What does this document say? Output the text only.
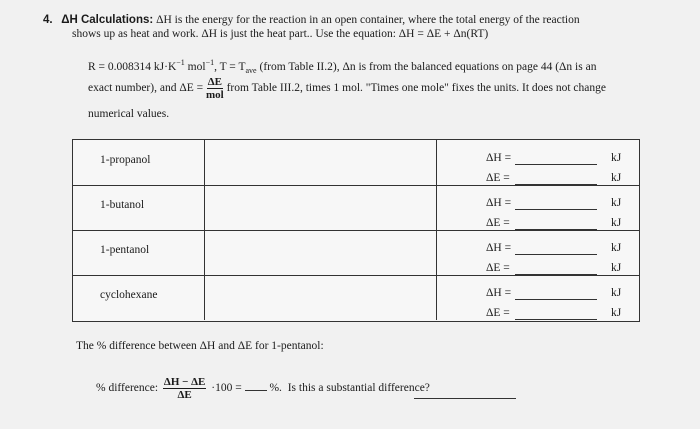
4. ΔH Calculations: ΔH is the energy for the reaction in an open container, where the total energy of the reaction
shows up as heat and work. ΔH is just the heat part.. Use the equation: ΔH = ΔE + Δn(RT)
R = 0.008314 $kJ\cdot K^{-1}$ mol$^{-1}$, $T = T_{ave}$ (from Table II.2), Δn is from the balanced equations on page 44 (Δn is an
exact number), and $\Delta E = \frac{\Delta E}{\text{mol}}$ from Table III.2, times 1 mol. "Times one mole" fixes the units. It does not change
numerical values.
1-propanol	ΔH =	kJ
ΔE =	kJ
1-butanol	ΔH =	kJ
ΔE =	kJ
1-pentanol	ΔH =	kJ
ΔE =	kJ
cyclohexane	ΔH =	kJ
ΔE =	kJ
The % difference between ΔH and ΔE for 1-pentanol:
% difference: $\frac{\Delta H - \Delta E}{\Delta E} \cdot 100$ = %. Is this a substantial difference?
